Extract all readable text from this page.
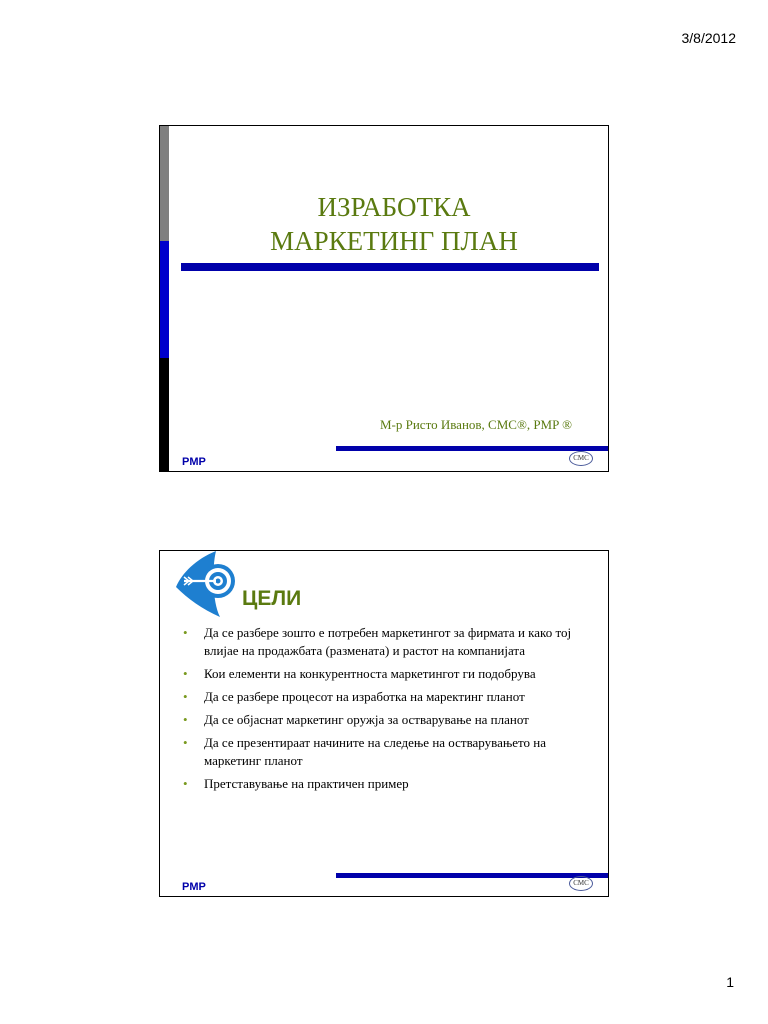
3/8/2012
ИЗРАБОТКА
МАРКЕТИНГ ПЛАН
М-р Ристо Иванов, CMC®, PMP ®
PMP	CMC
ЦЕЛИ
• Да се разбере зошто е потребен маркетингот за фирмата и како тој влијае на продажбата (размената) и растот на компанијата
• Кои елементи на конкурентноста маркетингот ги подобрува
• Да се разбере процесот на изработка на маректинг планот
• Да се објаснат маркетинг оружја за остварување на планот
• Да се презентираат начините на следење на остварувањето на маркетинг планот
• Претставување на практичен пример
PMP	CMC
1
